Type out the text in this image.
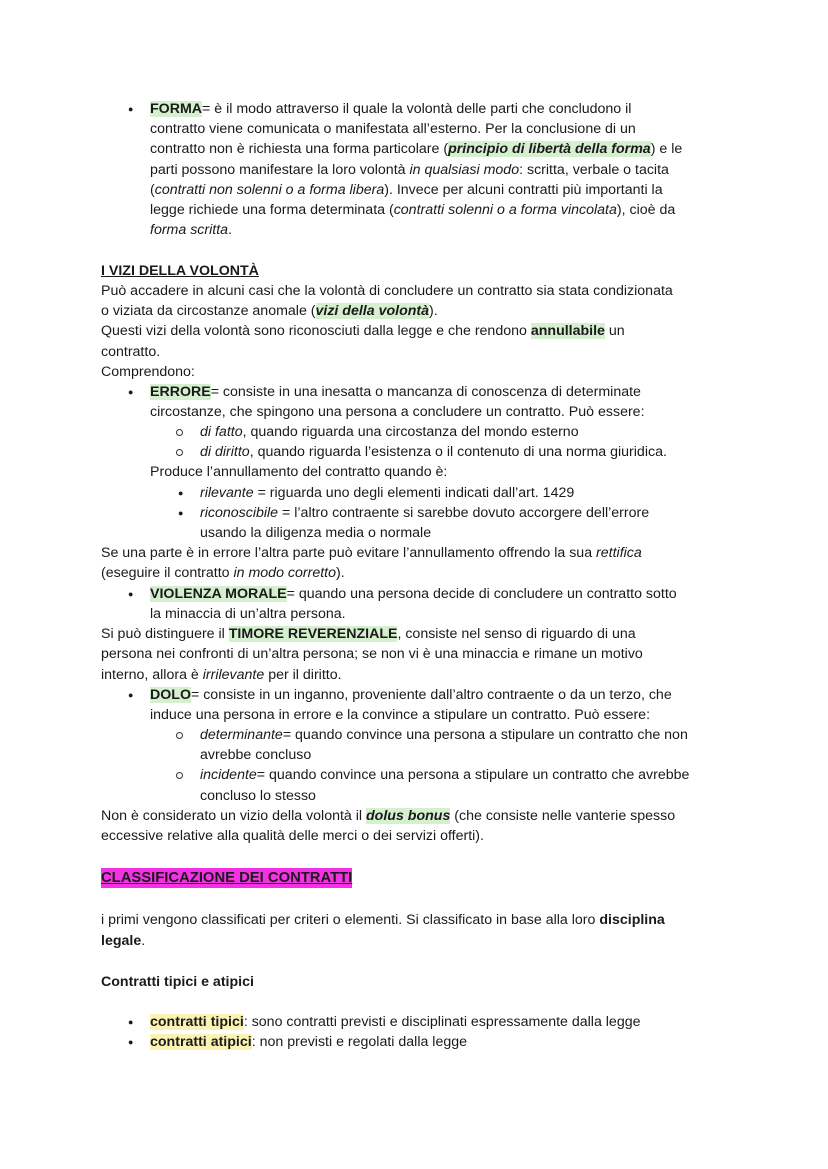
● FORMA= è il modo attraverso il quale la volontà delle parti che concludono il
contratto viene comunicata o manifestata all’esterno. Per la conclusione di un
contratto non è richiesta una forma particolare (principio di libertà della forma) e le
parti possono manifestare la loro volontà in qualsiasi modo: scritta, verbale o tacita
(contratti non solenni o a forma libera). Invece per alcuni contratti più importanti la
legge richiede una forma determinata (contratti solenni o a forma vincolata), cioè da
forma scritta.
I VIZI DELLA VOLONTÀ
Può accadere in alcuni casi che la volontà di concludere un contratto sia stata condizionata
o viziata da circostanze anomale (vizi della volontà).
Questi vizi della volontà sono riconosciuti dalla legge e che rendono annullabile un
contratto.
Comprendono:
● ERRORE= consiste in una inesatta o mancanza di conoscenza di determinate
circostanze, che spingono una persona a concludere un contratto. Può essere:
di fatto, quando riguarda una circostanza del mondo esterno
di diritto, quando riguarda l’esistenza o il contenuto di una norma giuridica.
Produce l’annullamento del contratto quando è:
● rilevante = riguarda uno degli elementi indicati dall’art. 1429
● riconoscibile = l’altro contraente si sarebbe dovuto accorgere dell’errore
usando la diligenza media o normale
Se una parte è in errore l’altra parte può evitare l’annullamento offrendo la sua rettifica
(eseguire il contratto in modo corretto).
● VIOLENZA MORALE= quando una persona decide di concludere un contratto sotto
la minaccia di un’altra persona.
Si può distinguere il TIMORE REVERENZIALE, consiste nel senso di riguardo di una
persona nei confronti di un’altra persona; se non vi è una minaccia e rimane un motivo
interno, allora è irrilevante per il diritto.
● DOLO= consiste in un inganno, proveniente dall’altro contraente o da un terzo, che
induce una persona in errore e la convince a stipulare un contratto. Può essere:
determinante= quando convince una persona a stipulare un contratto che non
avrebbe concluso
incidente= quando convince una persona a stipulare un contratto che avrebbe
concluso lo stesso
Non è considerato un vizio della volontà il dolus bonus (che consiste nelle vanterie spesso
eccessive relative alla qualità delle merci o dei servizi offerti).
CLASSIFICAZIONE DEI CONTRATTI
i primi vengono classificati per criteri o elementi. Si classificato in base alla loro disciplina
legale.
Contratti tipici e atipici
● contratti tipici: sono contratti previsti e disciplinati espressamente dalla legge
● contratti atipici: non previsti e regolati dalla legge
